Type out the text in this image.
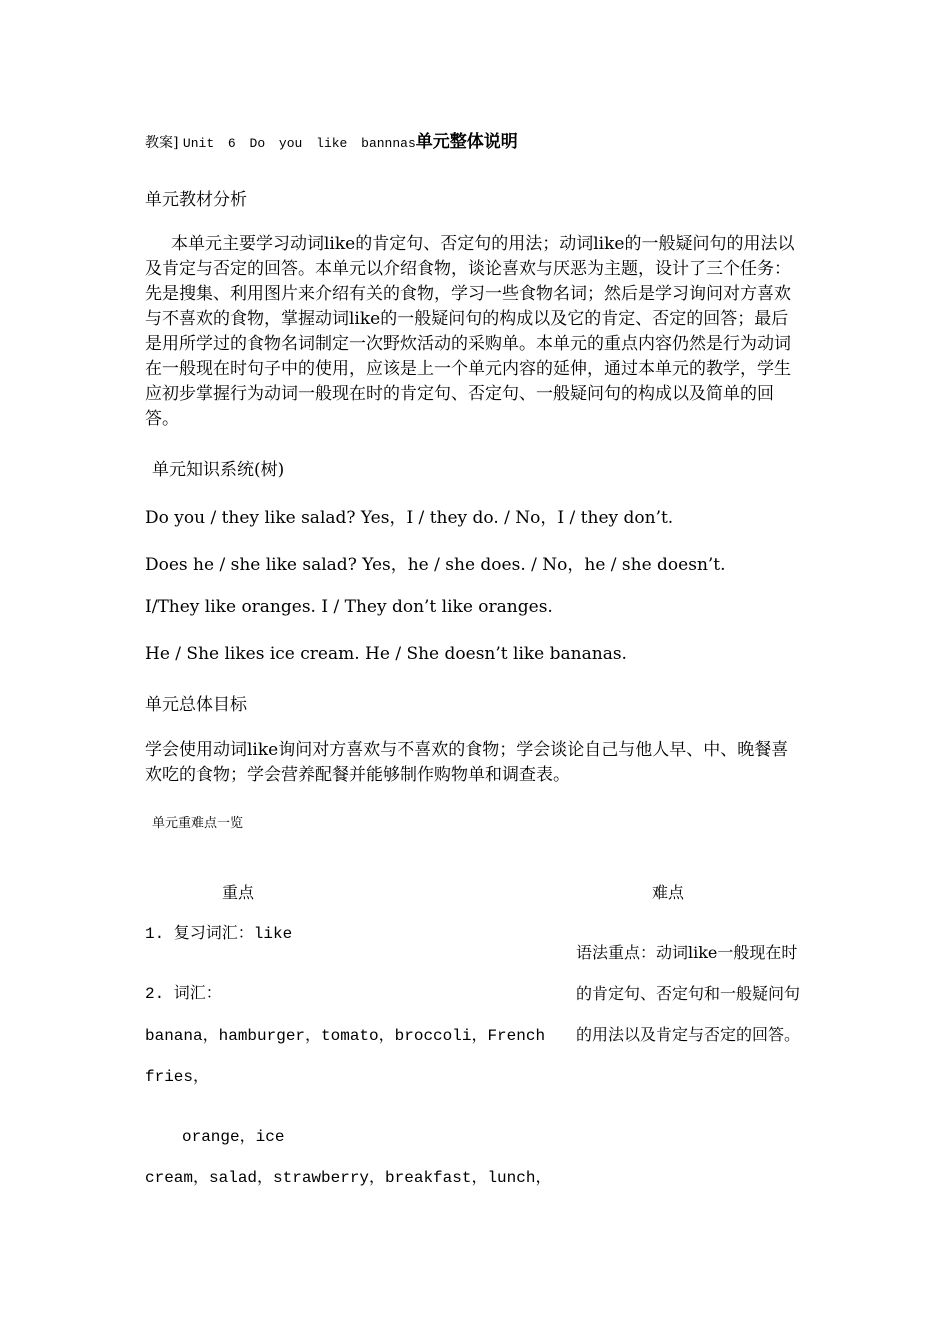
教案] Unit 6 Do you like bannnas单元整体说明
单元教材分析
本单元主要学习动词like的肯定句、否定句的用法；动词like的一般疑问句的用法以及肯定与否定的回答。本单元以介绍食物，谈论喜欢与厌恶为主题，设计了三个任务：先是搜集、利用图片来介绍有关的食物，学习一些食物名词；然后是学习询问对方喜欢与不喜欢的食物，掌握动词like的一般疑问句的构成以及它的肯定、否定的回答；最后是用所学过的食物名词制定一次野炊活动的采购单。本单元的重点内容仍然是行为动词在一般现在时句子中的使用，应该是上一个单元内容的延伸，通过本单元的教学，学生应初步掌握行为动词一般现在时的肯定句、否定句、一般疑问句的构成以及简单的回答。
单元知识系统(树)
Do you / they like salad? Yes，I / they do. / No，I / they don’t.
Does he / she like salad? Yes，he / she does. / No，he / she doesn’t.
I/They like oranges. I / They don’t like oranges.
He / She likes ice cream. He / She doesn’t like bananas.
单元总体目标
学会使用动词like询问对方喜欢与不喜欢的食物；学会谈论自己与他人早、中、晚餐喜欢吃的食物；学会营养配餐并能够制作购物单和调查表。
单元重难点一览
重点	难点
1. 复习词汇：like
2. 词汇：
banana，hamburger，tomato，broccoli，French
fries，
orange，ice
cream，salad，strawberry，breakfast，lunch，
语法重点：动词like一般现在时的肯定句、否定句和一般疑问句的用法以及肯定与否定的回答。
